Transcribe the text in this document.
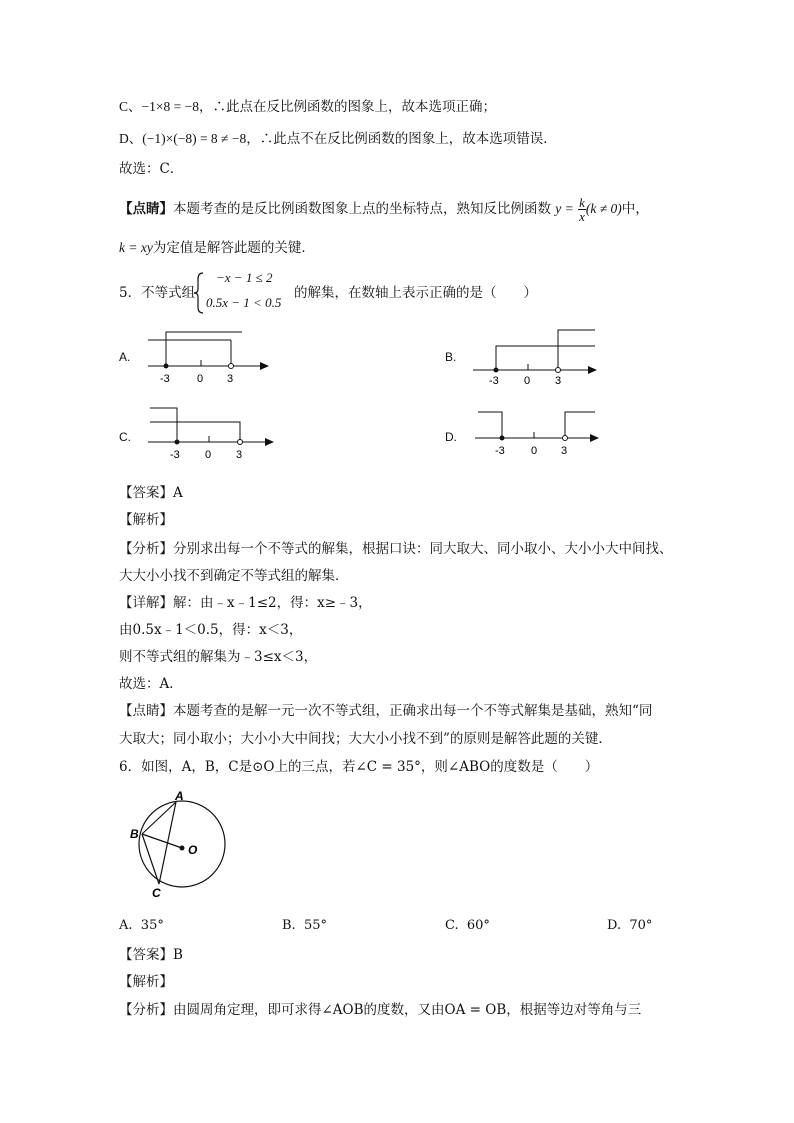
C、−1×8 = −8，∴此点在反比例函数的图象上，故本选项正确；
D、(−1)×(−8) = 8 ≠ −8，∴此点不在反比例函数的图象上，故本选项错误．
故选：C．
【点睛】本题考查的是反比例函数图象上点的坐标特点，熟知反比例函数 $y = \frac{k}{x} (k \ne 0)$中，
k = xy为定值是解答此题的关键．
5．不等式组
−x − 1 ≤ 2
0.5x − 1 < 0.5
的解集，在数轴上表示正确的是（　　）
A.
-3 0 3
B.
-3 0 3
C.
-3 0 3
D.
-3 0 3
【答案】A
【解析】
【分析】分别求出每一个不等式的解集，根据口诀：同大取大、同小取小、大小小大中间找、
大大小小找不到确定不等式组的解集．
【详解】解：由﹣x﹣1≤2，得：x≥﹣3，
由0.5x﹣1＜0.5，得：x＜3，
则不等式组的解集为﹣3≤x＜3，
故选：A．
【点睛】本题考查的是解一元一次不等式组，正确求出每一个不等式解集是基础，熟知“同
大取大；同小取小；大小小大中间找；大大小小找不到”的原则是解答此题的关键．
6．如图，A，B，C是⊙O上的三点，若∠C = 35°，则∠ABO的度数是（　　）
A
B
C
O
A. 35°	B. 55°	C. 60°	D. 70°
【答案】B
【解析】
【分析】由圆周角定理，即可求得∠AOB的度数，又由OA = OB，根据等边对等角与三
